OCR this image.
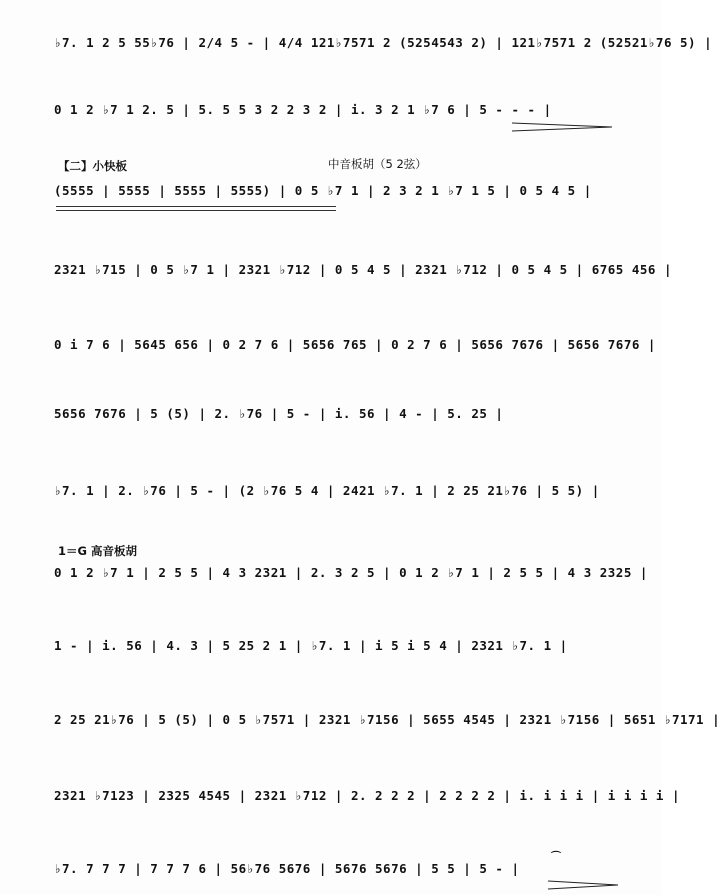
♭7. 1 2 5 55♭76 | 2/4 5 - | 4/4 121♭7571 2 (5254543 2) | 121♭7571 2 (52521♭76 5) |
0 1 2 ♭7 1 2. 5 | 5. 5 5 3 2 2 3 2 | i. 3 2 1 ♭7 6 | 5 - - - |
【二】小快板	中音板胡（5 2弦）
(5555 | 5555 | 5555 | 5555) | 0 5 ♭7 1 | 2 3 2 1 ♭7 1 5 | 0 5 4 5 |
2321 ♭715 | 0 5 ♭7 1 | 2321 ♭712 | 0 5 4 5 | 2321 ♭712 | 0 5 4 5 | 6765 456 |
0 i 7 6 | 5645 656 | 0 2 7 6 | 5656 765 | 0 2 7 6 | 5656 7676 | 5656 7676 |
5656 7676 | 5 (5) | 2. ♭76 | 5 - | i. 56 | 4 - | 5. 25 |
♭7. 1 | 2. ♭76 | 5 - | (2 ♭76 5 4 | 2421 ♭7. 1 | 2 25 21♭76 | 5 5) |
1＝G 高音板胡
0 1 2 ♭7 1 | 2 5 5 | 4 3 2321 | 2. 3 2 5 | 0 1 2 ♭7 1 | 2 5 5 | 4 3 2325 |
1 - | i. 56 | 4. 3 | 5 25 2 1 | ♭7. 1 | i 5 i 5 4 | 2321 ♭7. 1 |
2 25 21♭76 | 5 (5) | 0 5 ♭7571 | 2321 ♭7156 | 5655 4545 | 2321 ♭7156 | 5651 ♭7171 |
2321 ♭7123 | 2325 4545 | 2321 ♭712 | 2. 2 2 2 | 2 2 2 2 | i. i i i | i i i i |
♭7. 7 7 7 | 7 7 7 6 | 56♭76 5676 | 5676 5676 | 5 5 | 5 - |
⌒
